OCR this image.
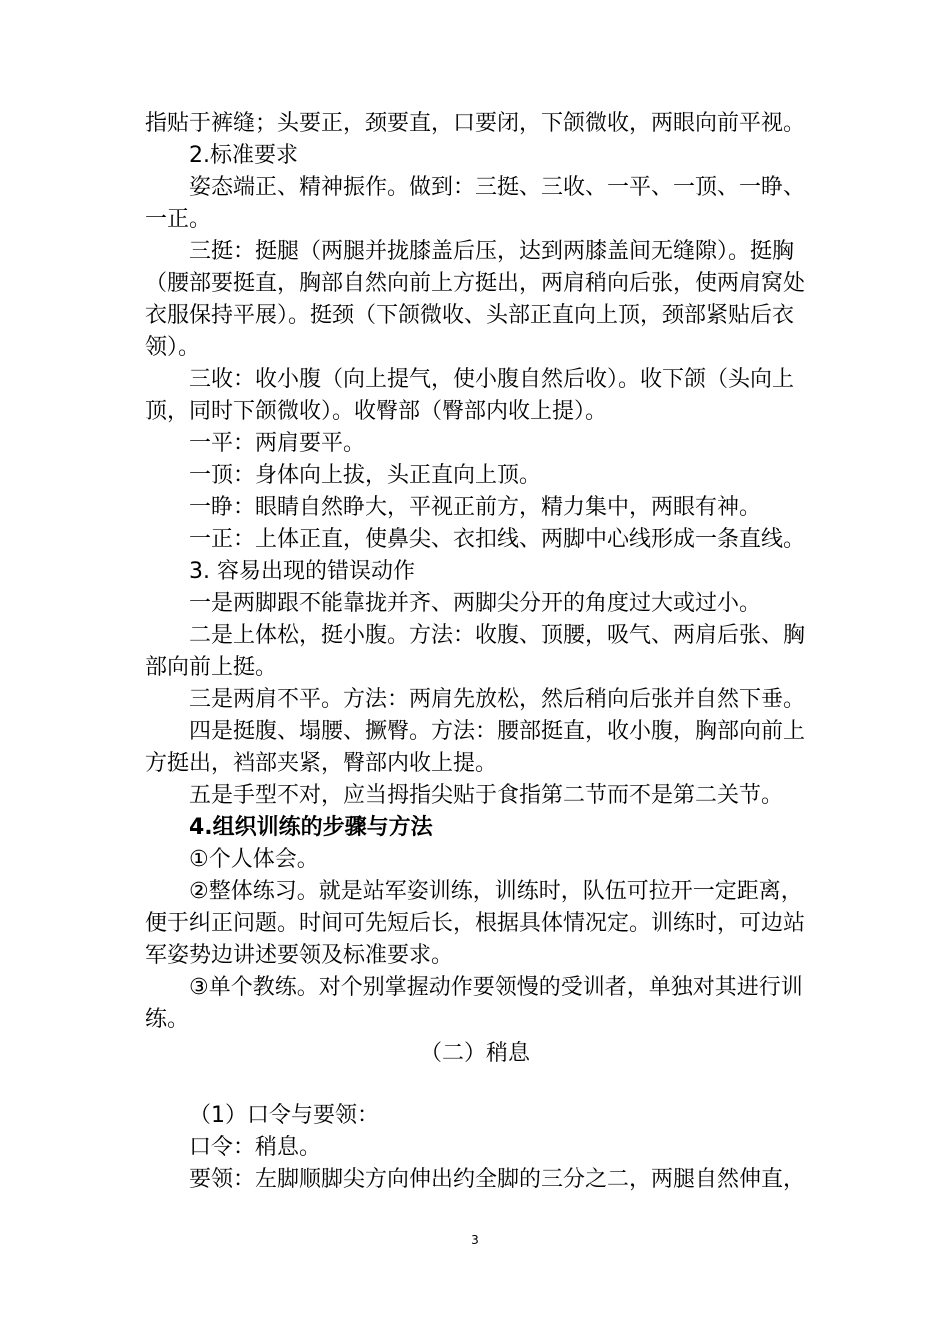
指贴于裤缝；头要正，颈要直，口要闭，下颌微收，两眼向前平视。
2.标准要求
姿态端正、精神振作。做到：三挺、三收、一平、一顶、一睁、
一正。
三挺：挺腿（两腿并拢膝盖后压，达到两膝盖间无缝隙）。挺胸
（腰部要挺直，胸部自然向前上方挺出，两肩稍向后张，使两肩窝处
衣服保持平展）。挺颈（下颌微收、头部正直向上顶，颈部紧贴后衣
领）。
三收：收小腹（向上提气，使小腹自然后收）。收下颌（头向上
顶，同时下颌微收）。收臀部（臀部内收上提）。
一平：两肩要平。
一顶：身体向上拔，头正直向上顶。
一睁：眼睛自然睁大，平视正前方，精力集中，两眼有神。
一正：上体正直，使鼻尖、衣扣线、两脚中心线形成一条直线。
3. 容易出现的错误动作
一是两脚跟不能靠拢并齐、两脚尖分开的角度过大或过小。
二是上体松，挺小腹。方法：收腹、顶腰，吸气、两肩后张、胸
部向前上挺。
三是两肩不平。方法：两肩先放松，然后稍向后张并自然下垂。
四是挺腹、塌腰、撅臀。方法：腰部挺直，收小腹，胸部向前上
方挺出，裆部夹紧，臀部内收上提。
五是手型不对，应当拇指尖贴于食指第二节而不是第二关节。
4.组织训练的步骤与方法
①个人体会。
②整体练习。就是站军姿训练，训练时，队伍可拉开一定距离，
便于纠正问题。时间可先短后长，根据具体情况定。训练时，可边站
军姿势边讲述要领及标准要求。
③单个教练。对个别掌握动作要领慢的受训者，单独对其进行训
练。
（二）稍息
（1）口令与要领：
口令：稍息。
要领：左脚顺脚尖方向伸出约全脚的三分之二，两腿自然伸直，
3
